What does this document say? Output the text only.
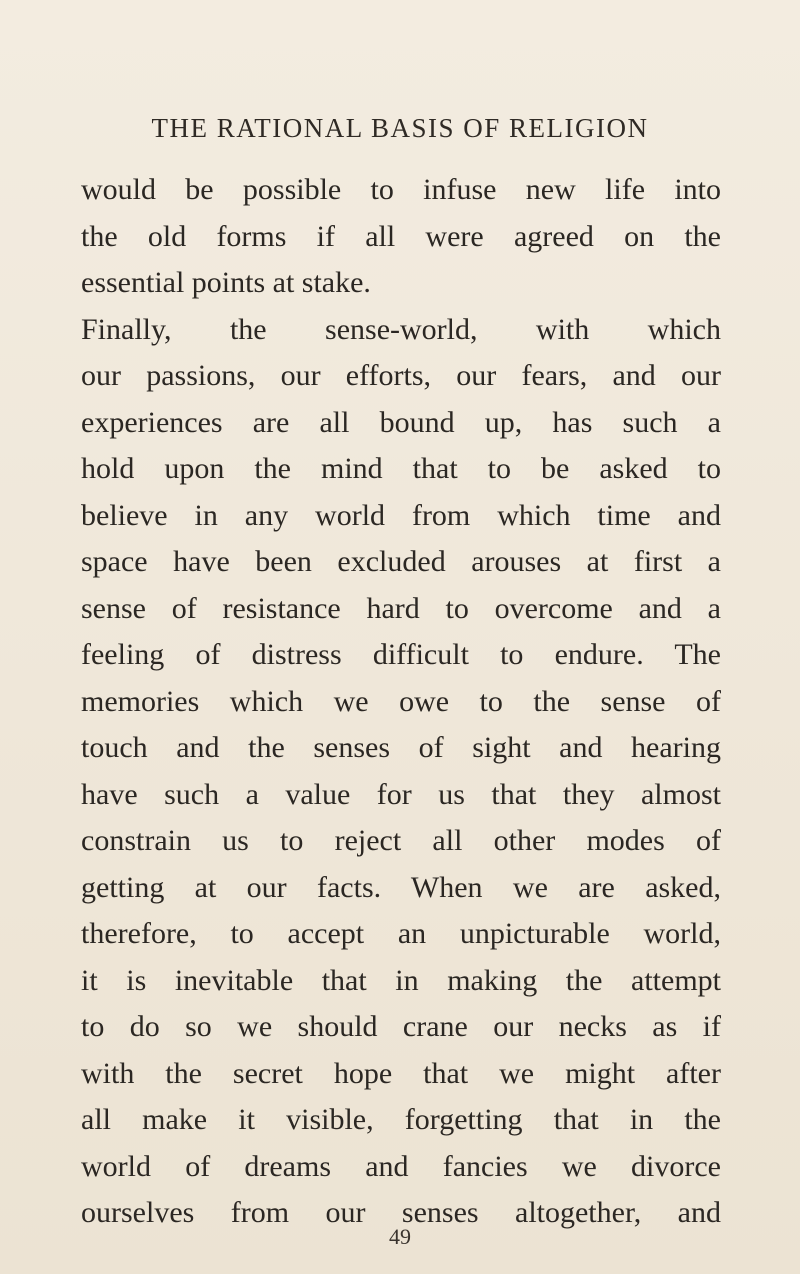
THE RATIONAL BASIS OF RELIGION
would be possible to infuse new life into
the old forms if all were agreed on the
essential points at stake.
Finally, the sense-world, with which
our passions, our efforts, our fears, and our
experiences are all bound up, has such a
hold upon the mind that to be asked to
believe in any world from which time and
space have been excluded arouses at first a
sense of resistance hard to overcome and a
feeling of distress difficult to endure. The
memories which we owe to the sense of
touch and the senses of sight and hearing
have such a value for us that they almost
constrain us to reject all other modes of
getting at our facts. When we are asked,
therefore, to accept an unpicturable world,
it is inevitable that in making the attempt
to do so we should crane our necks as if
with the secret hope that we might after
all make it visible, forgetting that in the
world of dreams and fancies we divorce
ourselves from our senses altogether, and
49
